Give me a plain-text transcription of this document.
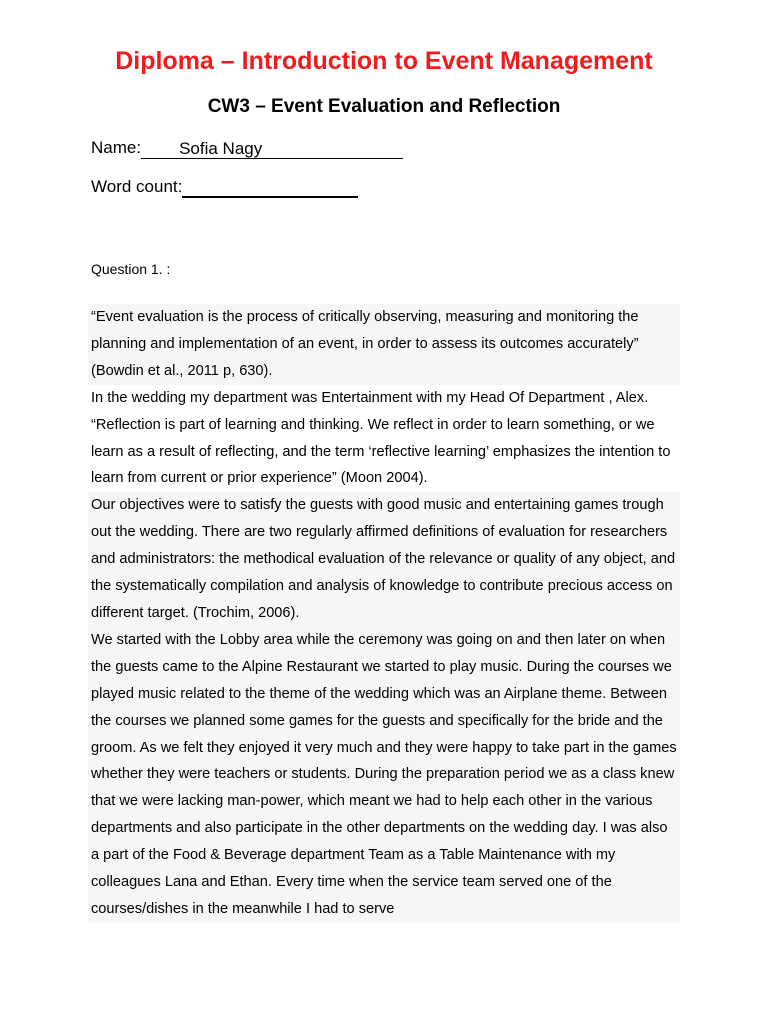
Diploma – Introduction to Event Management
CW3 – Event Evaluation and Reflection
Name:	Sofia Nagy
Word count:

Question 1. :

“Event evaluation is the process of critically observing, measuring and monitoring the planning and implementation of an event, in order to assess its outcomes accurately” (Bowdin et al., 2011 p, 630).

In the wedding my department was Entertainment with my Head Of Department , Alex. “Reflection is part of learning and thinking. We reflect in order to learn something, or we learn as a result of reflecting, and the term ‘reflective learning’ emphasizes the intention to learn from current or prior experience” (Moon 2004).

Our objectives were to satisfy the guests with good music and entertaining games trough out the wedding. There are two regularly affirmed definitions of evaluation for researchers and administrators: the methodical evaluation of the relevance or quality of any object, and the systematically compilation and analysis of knowledge to contribute precious access on different target. (Trochim, 2006).

We started with the Lobby area while the ceremony was going on and then later on when the guests came to the Alpine Restaurant we started to play music. During the courses we played music related to the theme of the wedding which was an Airplane theme. Between the courses we planned some games for the guests and specifically for the bride and the groom. As we felt they enjoyed it very much and they were happy to take part in the games whether they were teachers or students. During the preparation period we as a class knew that we were lacking man-power, which meant we had to help each other in the various departments and also participate in the other departments on the wedding day. I was also a part of the Food & Beverage department Team as a Table Maintenance with my colleagues Lana and Ethan. Every time when the service team served one of the courses/dishes in the meanwhile I had to serve
